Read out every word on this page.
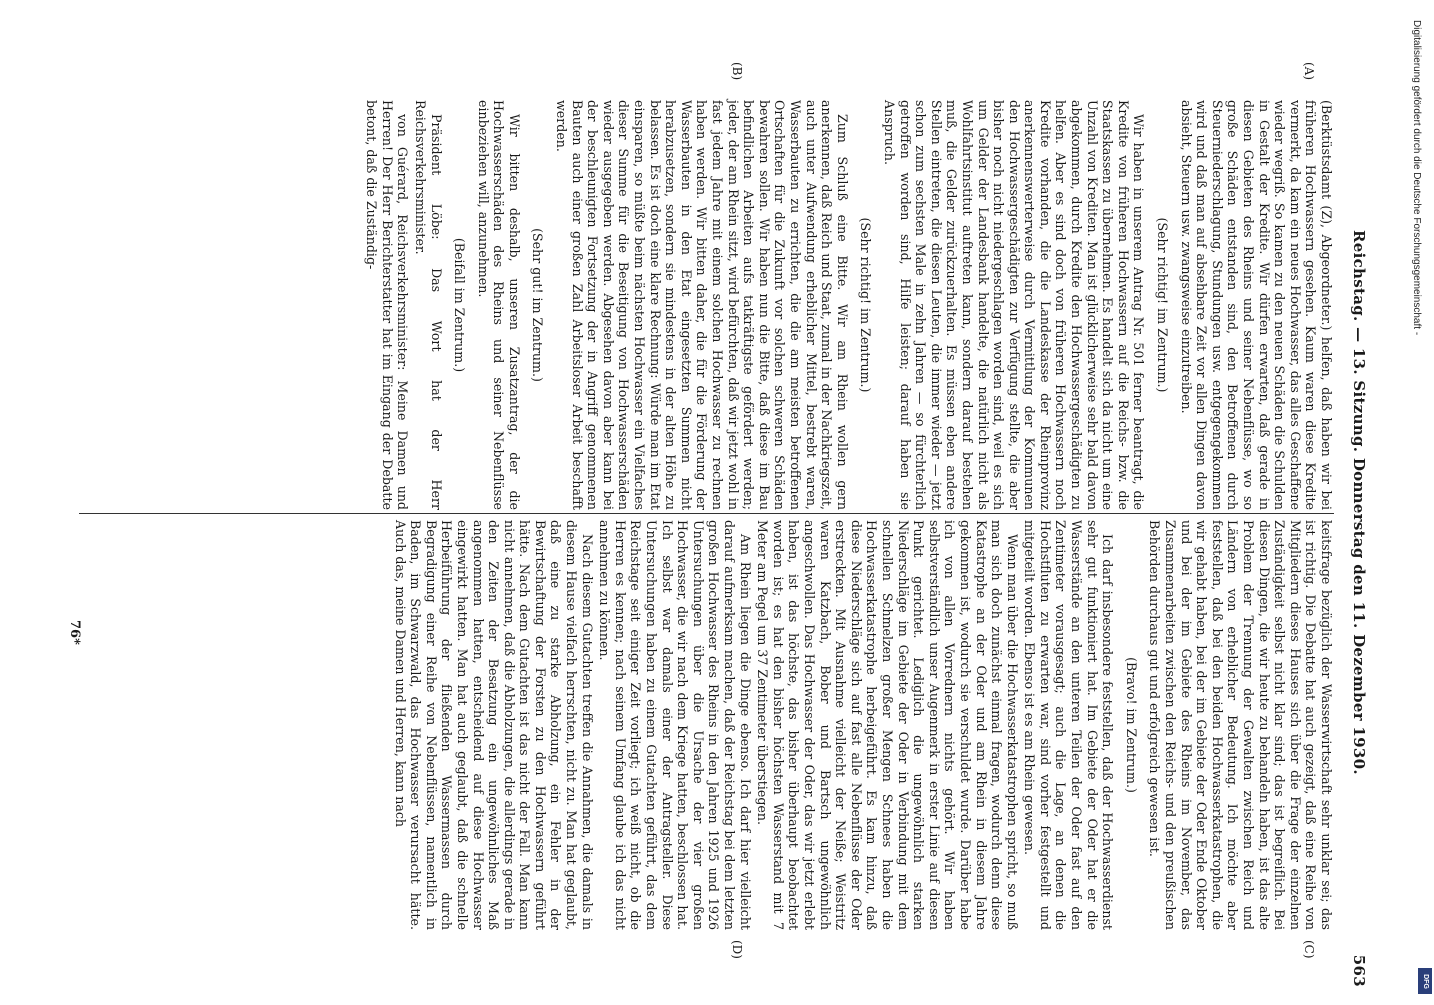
Reichstag. — 13. Sitzung. Donnerstag den 11. Dezember 1930.
563
(A)
(B)
(C)
(D)

(Berktüstsdamt (Z), Abgeordneter.) helfen, daß haben wir bei früheren Hochwassern gesehen. Kaum waren diese Kredite vermerkt, da kam ein neues Hochwasser, das alles Geschaffene wieder wegriß. So kamen zu den neuen Schäden die Schulden in Gestalt der Kredite. Wir dürfen erwarten, daß gerade in diesen Gebieten des Rheins und seiner Nebenflüsse, wo so große Schäden entstanden sind, den Betroffenen durch Steuerniederschlagung, Stundungen usw. entgegengekommen wird und daß man auf absehbare Zeit vor allen Dingen davon absieht, Steuern usw. zwangsweise einzutreiben.

(Sehr richtig! im Zentrum.)

Wir haben in unserem Antrag Nr. 501 ferner beantragt, die Kredite von früheren Hochwassern auf die Reichs- bzw. die Staatskassen zu übernehmen. Es handelt sich da nicht um eine Unzahl von Krediten. Man ist glücklicherweise sehr bald davon abgekommen, durch Kredite den Hochwassergeschädigten zu helfen. Aber es sind doch von früheren Hochwassern noch Kredite vorhanden, die die Landeskasse der Rheinprovinz anerkennenswerterweise durch Vermittlung der Kommunen den Hochwassergeschädigten zur Verfügung stellte, die aber bisher noch nicht niedergeschlagen worden sind, weil es sich um Gelder der Landesbank handelte, die natürlich nicht als Wohlfahrtsinstitut auftreten kann, sondern darauf bestehen muß, die Gelder zurückzuerhalten. Es müssen eben andere Stellen eintreten, die diesen Leuten, die immer wieder — jetzt schon zum sechsten Male in zehn Jahren — so fürchterlich getroffen worden sind, Hilfe leisten; darauf haben sie Anspruch.

(Sehr richtig! im Zentrum.)

Zum Schluß eine Bitte. Wir am Rhein wollen gern anerkennen, daß Reich und Staat, zumal in der Nachkriegszeit, auch unter Aufwendung erheblicher Mittel, bestrebt waren, Wasserbauten zu errichten, die die am meisten betroffenen Ortschaften für die Zukunft vor solchen schweren Schäden bewahren sollen. Wir haben nun die Bitte, daß diese im Bau befindlichen Arbeiten aufs tatkräftigste gefördert werden; jeder, der am Rhein sitzt, wird befürchten, daß wir jetzt wohl in fast jedem Jahre mit einem solchen Hochwasser zu rechnen haben werden. Wir bitten daher, die für die Förderung der Wasserbauten in den Etat eingesetzten Summen nicht herabzusetzen, sondern sie mindestens in der alten Höhe zu belassen. Es ist doch eine klare Rechnung: Würde man im Etat einsparen, so müßte beim nächsten Hochwasser ein Vielfaches dieser Summe für die Beseitigung von Hochwasserschäden wieder ausgegeben werden. Abgesehen davon aber kann bei der beschleunigten Fortsetzung der in Angriff genommenen Bauten auch einer großen Zahl Arbeitsloser Arbeit beschafft werden.

(Sehr gut! im Zentrum.)

Wir bitten deshalb, unseren Zusatzantrag, der die Hochwasserschäden des Rheins und seiner Nebenflüsse einbeziehen will, anzunehmen.

(Beifall im Zentrum.)

Präsident Löbe: Das Wort hat der Herr Reichsverkehrsminister.

von Guérard, Reichsverkehrsminister: Meine Damen und Herren! Der Herr Berichterstatter hat im Eingang der Debatte betont, daß die Zuständig-

keitsfrage bezüglich der Wasserwirtschaft sehr unklar sei; das ist richtig. Die Debatte hat auch gezeigt, daß eine Reihe von Mitgliedern dieses Hauses sich über die Frage der einzelnen Zuständigkeit selbst nicht klar sind; das ist begreiflich. Bei diesen Dingen, die wir heute zu behandeln haben, ist das alte Problem der Trennung der Gewalten zwischen Reich und Ländern von erheblicher Bedeutung. Ich möchte aber feststellen, daß bei den beiden Hochwasserkatastrophen, die wir gehabt haben, bei der im Gebiete der Oder Ende Oktober und bei der im Gebiete des Rheins im November, das Zusammenarbeiten zwischen den Reichs- und den preußischen Behörden durchaus gut und erfolgreich gewesen ist.

(Bravo! im Zentrum.)

Ich darf insbesondere feststellen, daß der Hochwasserdienst sehr gut funktioniert hat. Im Gebiete der Oder hat er die Wasserstände an den unteren Teilen der Oder fast auf den Zentimeter vorausgesagt; auch die Lage, an denen die Hochstfluten zu erwarten war, sind vorher festgestellt und mitgeteilt worden. Ebenso ist es am Rhein gewesen.

Wenn man über die Hochwasserkatastrophen spricht, so muß man sich doch zunächst einmal fragen, wodurch denn diese Katastrophe an der Oder und am Rhein in diesem Jahre gekommen ist, wodurch sie verschuldet wurde. Darüber habe ich von allen Vorrednern nichts gehört. Wir haben selbstverständlich unser Augenmerk in erster Linie auf diesen Punkt gerichtet. Lediglich die ungewöhnlich starken Niederschläge im Gebiete der Oder in Verbindung mit dem schnellen Schmelzen großer Mengen Schnees haben die Hochwasserkatastrophe herbeigeführt. Es kam hinzu, daß diese Niederschläge sich auf fast alle Nebenflüsse der Oder erstreckten. Mit Ausnahme vielleicht der Neiße; Weistritz waren Katzbach, Bober und Bartsch ungewöhnlich angeschwollen. Das Hochwasser der Oder, das wir jetzt erlebt haben, ist das höchste, das bisher überhaupt beobachtet worden ist; es hat den bisher höchsten Wasserstand mit 7 Meter am Pegel um 37 Zentimeter überstiegen.

Am Rhein liegen die Dinge ebenso. Ich darf hier vielleicht darauf aufmerksam machen, daß der Reichstag bei dem letzten großen Hochwasser des Rheins in den Jahren 1925 und 1926 Untersuchungen über die Ursache der vier großen Hochwasser, die wir nach dem Kriege hatten, beschlossen hat. Ich selbst war damals einer der Antragsteller. Diese Untersuchungen haben zu einem Gutachten geführt, das dem Reichstage seit einiger Zeit vorliegt; ich weiß nicht, ob die Herren es kennen; nach seinem Umfang glaube ich das nicht annehmen zu können.

Nach diesem Gutachten treffen die Annahmen, die damals in diesem Hause vielfach herrschten, nicht zu. Man hat geglaubt, daß eine zu starke Abholzung, ein Fehler in der Bewirtschaftung der Forsten zu den Hochwassern geführt hätte. Nach dem Gutachten ist das nicht der Fall. Man kann nicht annehmen, daß die Abholzungen, die allerdings gerade in den Zeiten der Besatzung ein ungewöhnliches Maß angenommen hatten, entscheidend auf diese Hochwasser eingewirkt hatten. Man hat auch geglaubt, daß die schnelle Herbeiführung der fließenden Wassermassen durch Begradigung einer Reihe von Nebenflüssen, namentlich in Baden, im Schwarzwald, das Hochwasser verursacht hätte. Auch das, meine Damen und Herren, kann nach

76*
Digitalisierung gefördert durch die Deutsche Forschungsgemeinschaft -
DFG
